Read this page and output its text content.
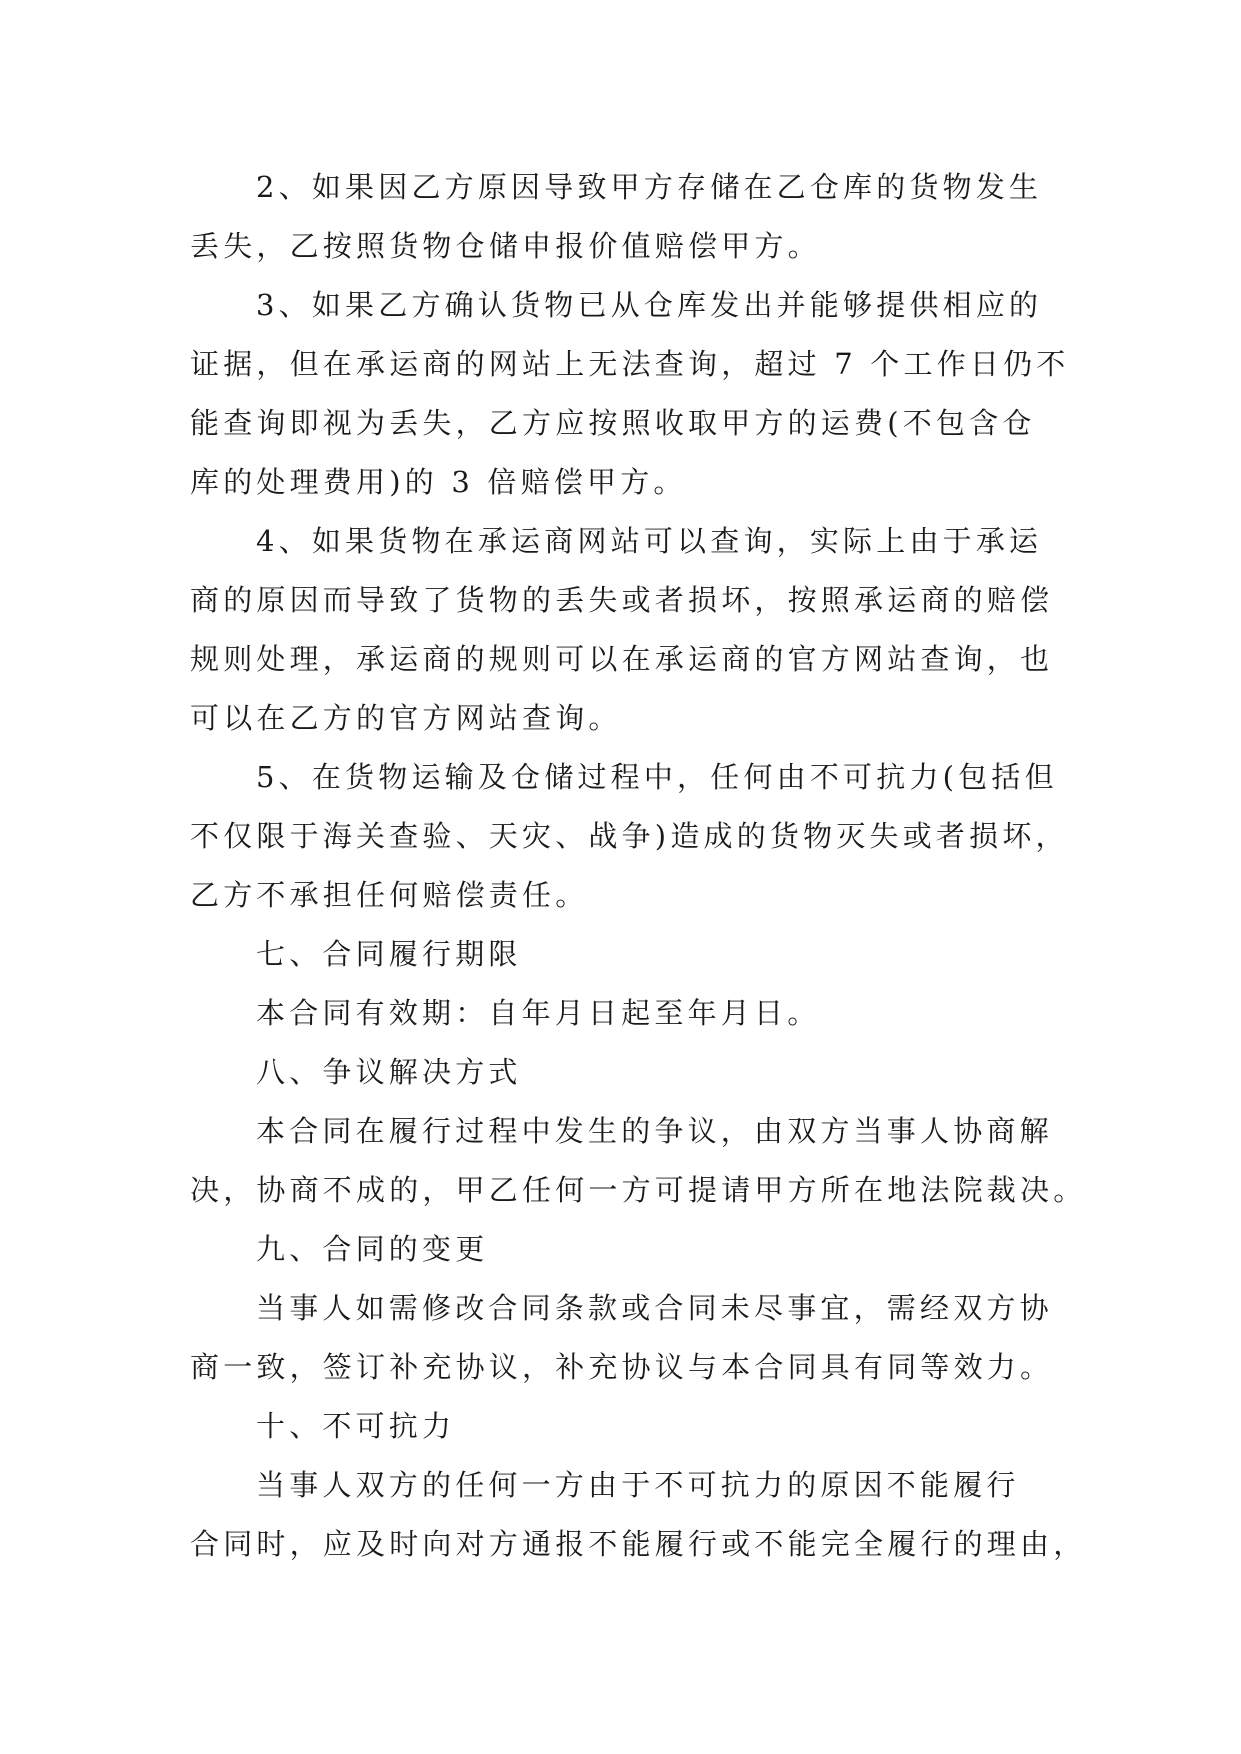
2、如果因乙方原因导致甲方存储在乙仓库的货物发生
丢失，乙按照货物仓储申报价值赔偿甲方。
3、如果乙方确认货物已从仓库发出并能够提供相应的
证据，但在承运商的网站上无法查询，超过 7 个工作日仍不
能查询即视为丢失，乙方应按照收取甲方的运费(不包含仓
库的处理费用)的 3 倍赔偿甲方。
4、如果货物在承运商网站可以查询，实际上由于承运
商的原因而导致了货物的丢失或者损坏，按照承运商的赔偿
规则处理，承运商的规则可以在承运商的官方网站查询，也
可以在乙方的官方网站查询。
5、在货物运输及仓储过程中，任何由不可抗力(包括但
不仅限于海关查验、天灾、战争)造成的货物灭失或者损坏，
乙方不承担任何赔偿责任。
七、合同履行期限
本合同有效期：自年月日起至年月日。
八、争议解决方式
本合同在履行过程中发生的争议，由双方当事人协商解
决，协商不成的，甲乙任何一方可提请甲方所在地法院裁决。
九、合同的变更
当事人如需修改合同条款或合同未尽事宜，需经双方协
商一致，签订补充协议，补充协议与本合同具有同等效力。
十、不可抗力
当事人双方的任何一方由于不可抗力的原因不能履行
合同时，应及时向对方通报不能履行或不能完全履行的理由，
